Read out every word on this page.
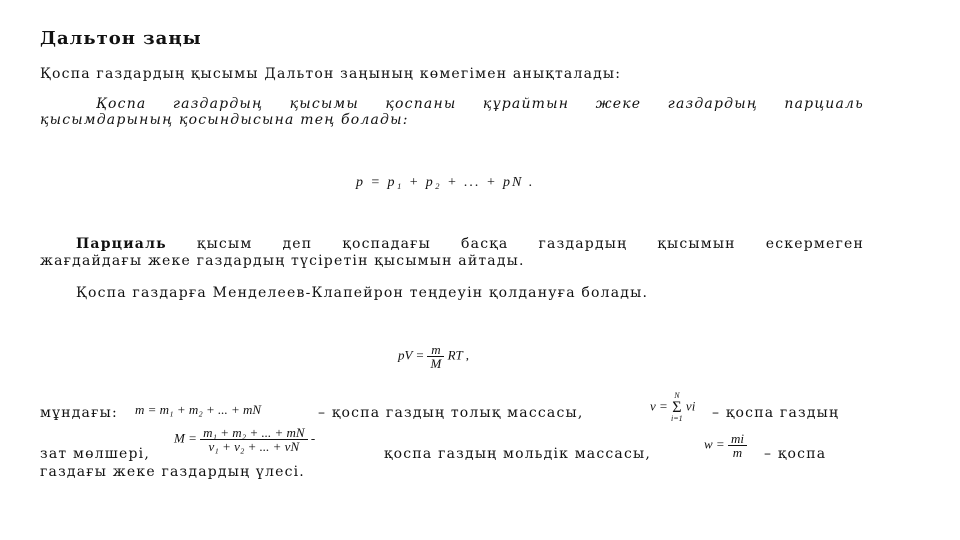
Дальтон заңы
Қоспа газдардың қысымы Дальтон заңының көмегімен анықталады:
Қоспа газдардың қысымы қоспаны құрайтын жеке газдардың парциаль
қысымдарының қосындысына тең болады:
p = p₁ + p₂ + ... + pN .
Парциаль қысым деп қоспадағы басқа газдардың қысымын ескермеген
жағдайдағы жеке газдардың түсіретін қысымын айтады.
Қоспа газдарға Менделеев-Клапейрон теңдеуін қолдануға болады.
pV = $\frac{m}{M}$ RT ,
мұндағы: m = m₁ + m₂ + ... + mN	– қоспа газдың толық массасы,	ν =
N
Σ
i=1
νi – қоспа газдың
зат мөлшері,
$M = \frac{\text{m₁ + m₂ + ... + mN}}{\text{ν₁ + ν₂ + ... + νN}}$ -
қоспа газдың мольдік массасы,
$w = \frac{mi}{m}$ – қоспа
газдағы жеке газдардың үлесі.
